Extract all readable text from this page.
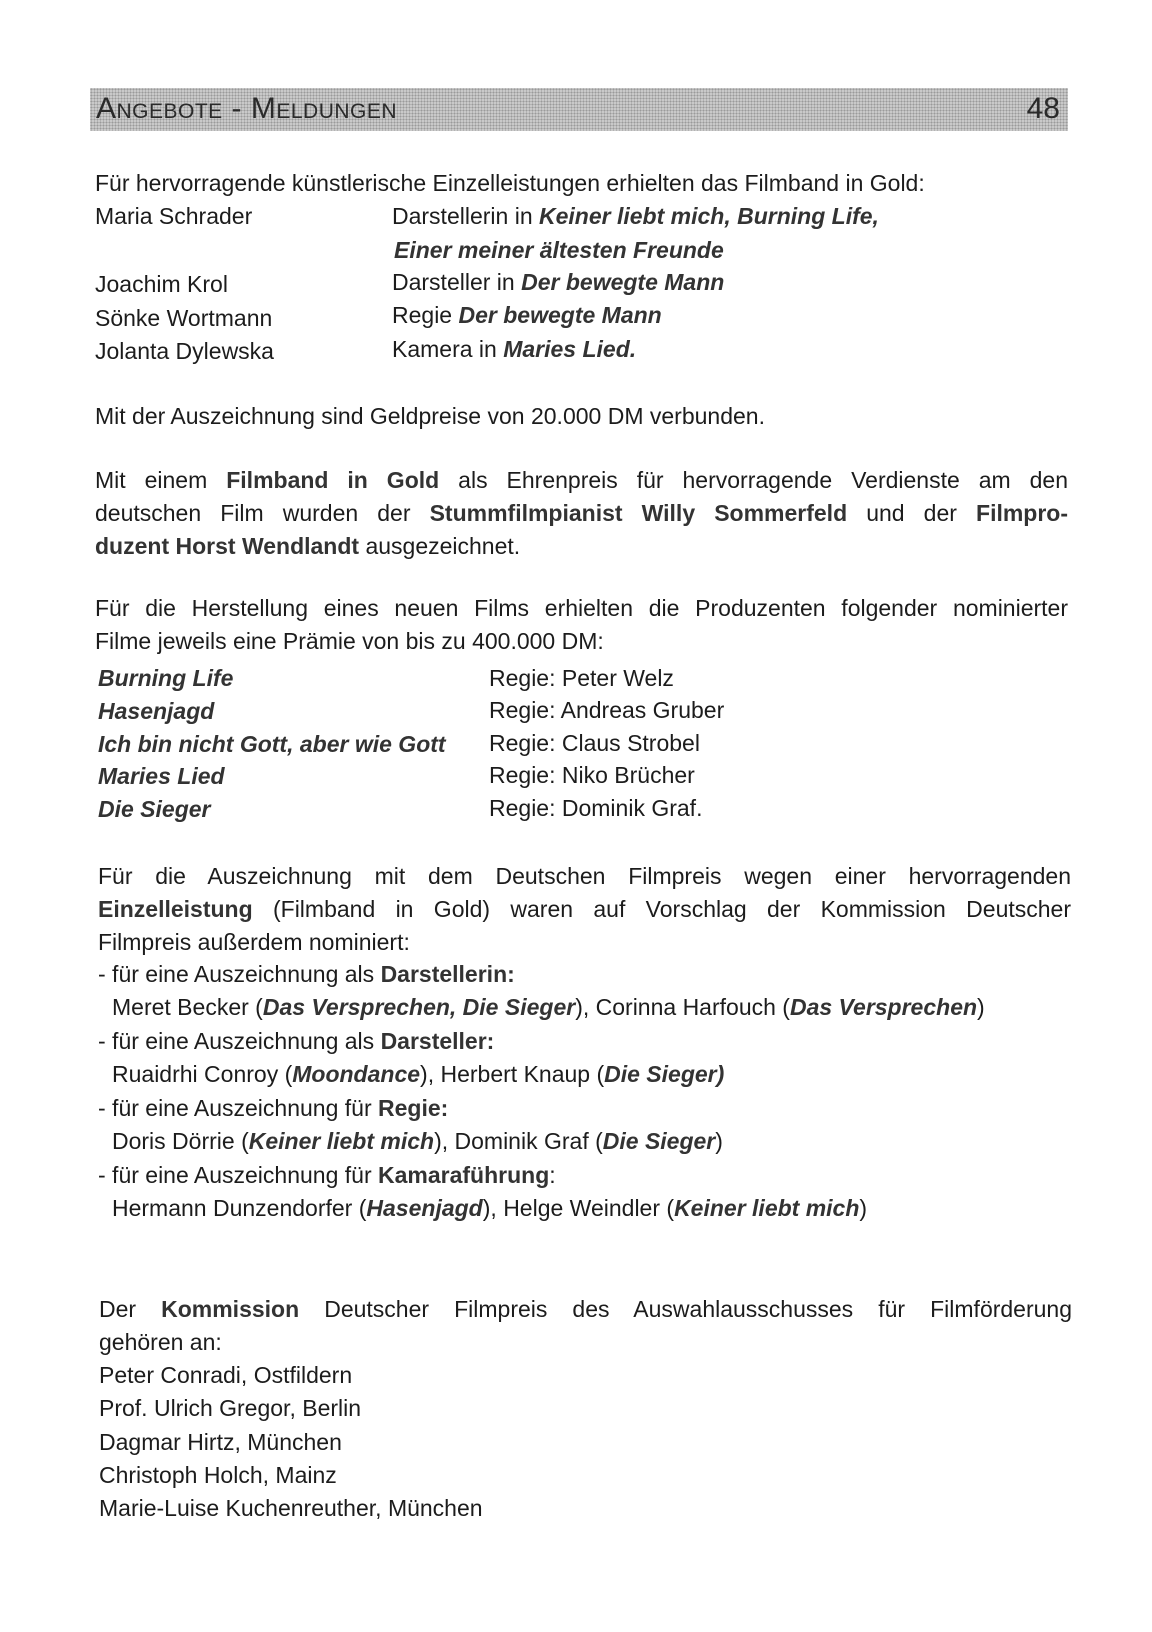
Angebote - Meldungen	48
Für hervorragende künstlerische Einzelleistungen erhielten das Filmband in Gold:
Maria Schrader	Darstellerin in Keiner liebt mich, Burning Life,
Einer meiner ältesten Freunde
Joachim Krol	Darsteller in Der bewegte Mann
Sönke Wortmann	Regie Der bewegte Mann
Jolanta Dylewska	Kamera in Maries Lied.
Mit der Auszeichnung sind Geldpreise von 20.000 DM verbunden.
Mit einem Filmband in Gold als Ehrenpreis für hervorragende Verdienste am den
deutschen Film wurden der Stummfilmpianist Willy Sommerfeld und der Filmpro-
duzent Horst Wendlandt ausgezeichnet.
Für die Herstellung eines neuen Films erhielten die Produzenten folgender nominierter
Filme jeweils eine Prämie von bis zu 400.000 DM:
Burning Life	Regie: Peter Welz
Hasenjagd	Regie: Andreas Gruber
Ich bin nicht Gott, aber wie Gott Regie: Claus Strobel
Maries Lied	Regie: Niko Brücher
Die Sieger	Regie: Dominik Graf.
Für die Auszeichnung mit dem Deutschen Filmpreis wegen einer hervorragenden
Einzelleistung (Filmband in Gold) waren auf Vorschlag der Kommission Deutscher
Filmpreis außerdem nominiert:
- für eine Auszeichnung als Darstellerin:
Meret Becker (Das Versprechen, Die Sieger), Corinna Harfouch (Das Versprechen)
- für eine Auszeichnung als Darsteller:
Ruaidrhi Conroy (Moondance), Herbert Knaup (Die Sieger)
- für eine Auszeichnung für Regie:
Doris Dörrie (Keiner liebt mich), Dominik Graf (Die Sieger)
- für eine Auszeichnung für Kamaraführung:
Hermann Dunzendorfer (Hasenjagd), Helge Weindler (Keiner liebt mich)
Der Kommission Deutscher Filmpreis des Auswahlausschusses für Filmförderung
gehören an:
Peter Conradi, Ostfildern
Prof. Ulrich Gregor, Berlin
Dagmar Hirtz, München
Christoph Holch, Mainz
Marie-Luise Kuchenreuther, München
